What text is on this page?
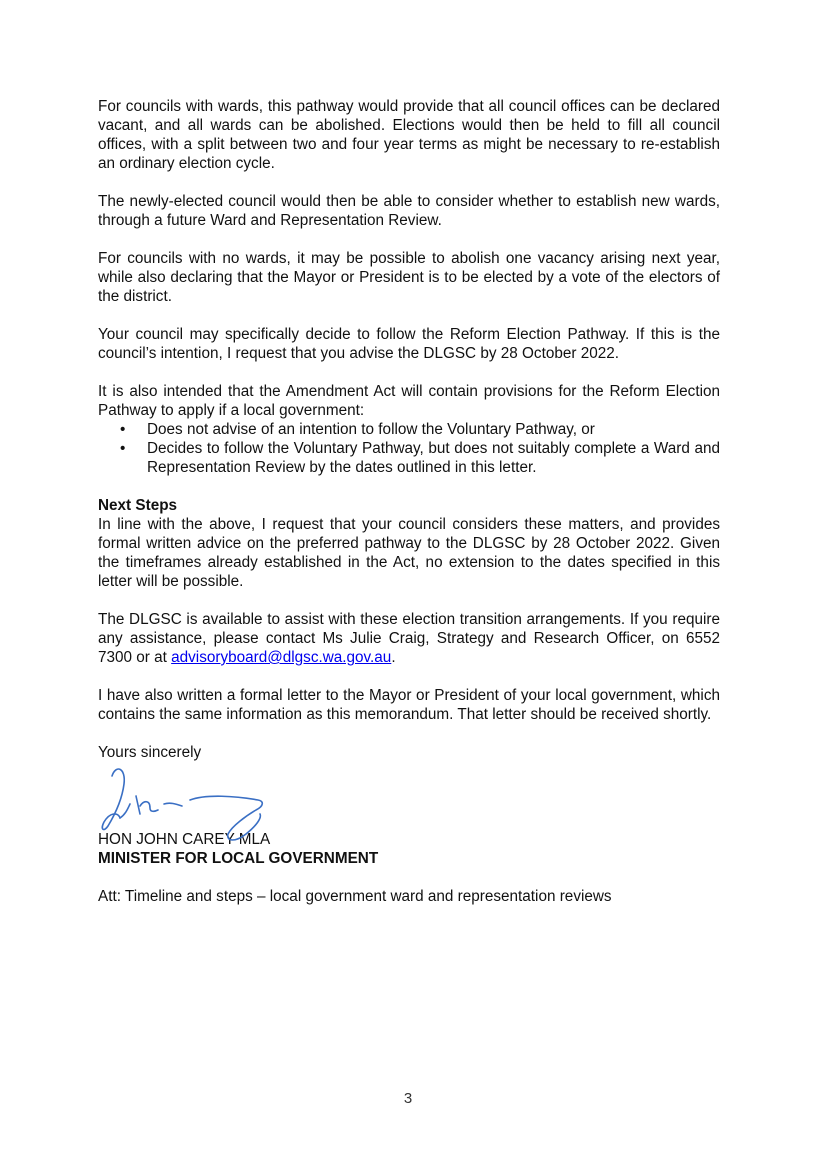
For councils with wards, this pathway would provide that all council offices can be declared vacant, and all wards can be abolished. Elections would then be held to fill all council offices, with a split between two and four year terms as might be necessary to re-establish an ordinary election cycle.

The newly-elected council would then be able to consider whether to establish new wards, through a future Ward and Representation Review.

For councils with no wards, it may be possible to abolish one vacancy arising next year, while also declaring that the Mayor or President is to be elected by a vote of the electors of the district.

Your council may specifically decide to follow the Reform Election Pathway. If this is the council’s intention, I request that you advise the DLGSC by 28 October 2022.

It is also intended that the Amendment Act will contain provisions for the Reform Election Pathway to apply if a local government:

• Does not advise of an intention to follow the Voluntary Pathway, or
• Decides to follow the Voluntary Pathway, but does not suitably complete a Ward and Representation Review by the dates outlined in this letter.
Next Steps

In line with the above, I request that your council considers these matters, and provides formal written advice on the preferred pathway to the DLGSC by 28 October 2022. Given the timeframes already established in the Act, no extension to the dates specified in this letter will be possible.

The DLGSC is available to assist with these election transition arrangements. If you require any assistance, please contact Ms Julie Craig, Strategy and Research Officer, on 6552 7300 or at advisoryboard@dlgsc.wa.gov.au.

I have also written a formal letter to the Mayor or President of your local government, which contains the same information as this memorandum. That letter should be received shortly.

Yours sincerely

HON JOHN CAREY MLA

MINISTER FOR LOCAL GOVERNMENT

Att: Timeline and steps – local government ward and representation reviews

3
